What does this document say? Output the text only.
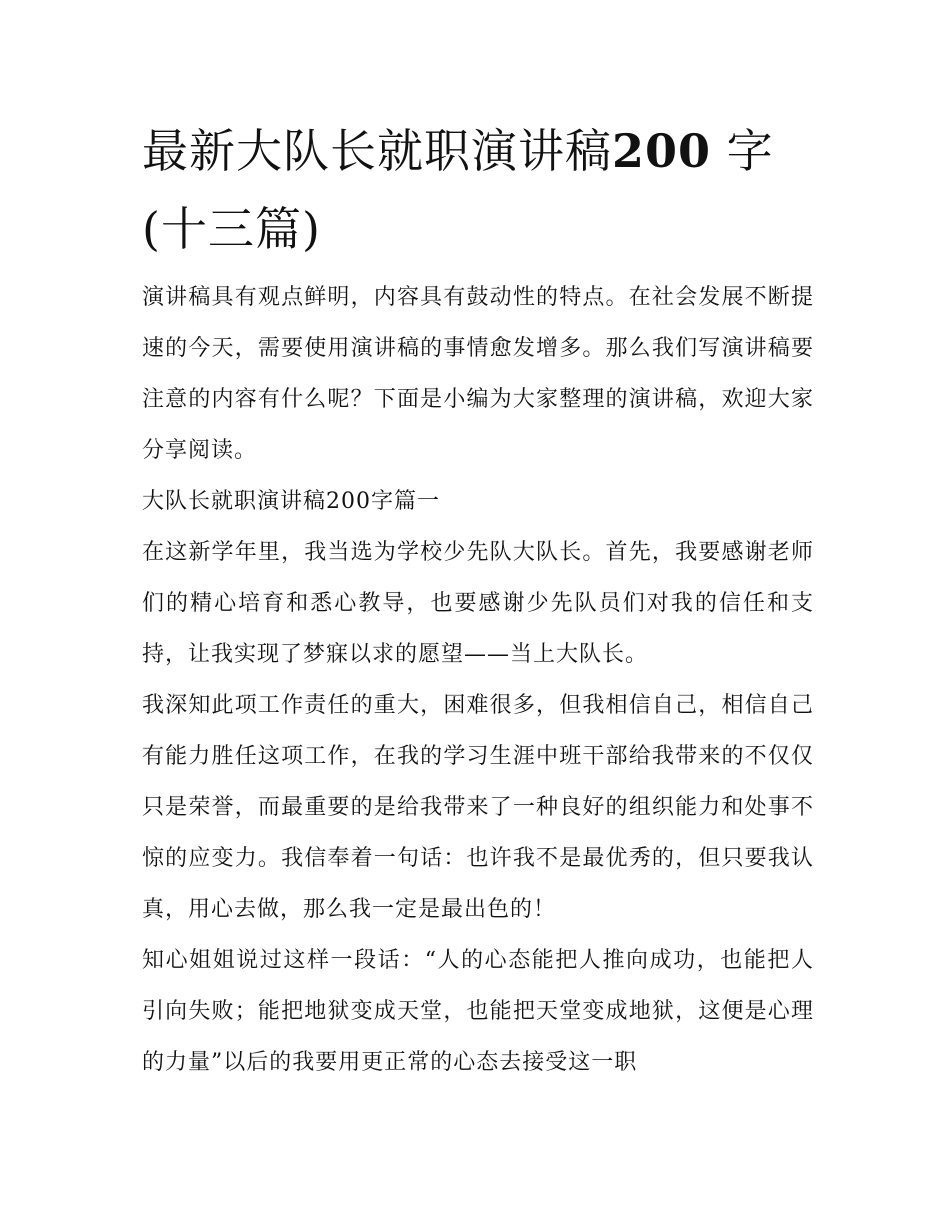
最新大队长就职演讲稿200 字
(十三篇)

演讲稿具有观点鲜明，内容具有鼓动性的特点。在社会发展不断提速的今天，需要使用演讲稿的事情愈发增多。那么我们写演讲稿要注意的内容有什么呢？下面是小编为大家整理的演讲稿，欢迎大家分享阅读。

大队长就职演讲稿200字篇一

在这新学年里，我当选为学校少先队大队长。首先，我要感谢老师们的精心培育和悉心教导，也要感谢少先队员们对我的信任和支持，让我实现了梦寐以求的愿望——当上大队长。

我深知此项工作责任的重大，困难很多，但我相信自己，相信自己有能力胜任这项工作，在我的学习生涯中班干部给我带来的不仅仅只是荣誉，而最重要的是给我带来了一种良好的组织能力和处事不惊的应变力。我信奉着一句话：也许我不是最优秀的，但只要我认真，用心去做，那么我一定是最出色的！

知心姐姐说过这样一段话：“人的心态能把人推向成功，也能把人引向失败；能把地狱变成天堂，也能把天堂变成地狱，这便是心理的力量”以后的我要用更正常的心态去接受这一职
